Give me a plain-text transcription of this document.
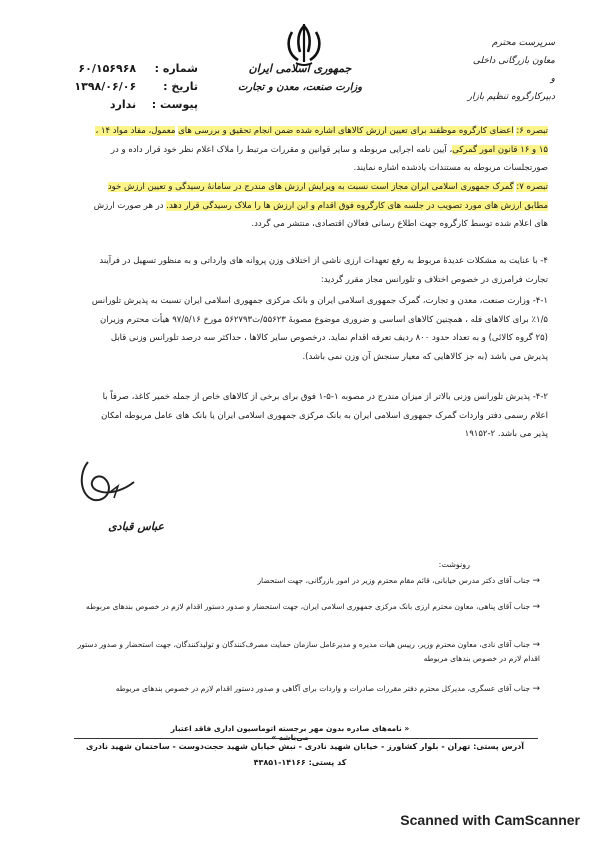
جمهوری اسلامی ایران
وزارت صنعت، معدن و تجارت
شماره : ۶۰/۱۵۶۹۶۸
تاریخ : ۱۳۹۸/۰۶/۰۶
پیوست : ندارد
سرپرست محترم
معاون بازرگانی داخلی
و
دبیرکارگروه تنظیم بازار
تبصره ۶: اعضای کارگروه موظفند برای تعیین ارزش کالاهای اشاره شده ضمن انجام تحقیق و بررسی های معمول، مفاد مواد ۱۴ ، ۱۵ و ۱۶ قانون امور گمرکی، آیین نامه اجرایی مربوطه و سایر قوانین و مقررات مرتبط را ملاک اعلام نظر خود قرار داده و در صورتجلسات مربوطه به مستندات یادشده اشاره نمایند.
تبصره ۷: گمرک جمهوری اسلامی ایران مجاز است نسبت به ویرایش ارزش های مندرج در سامانهٔ رسیدگی و تعیین ارزش خود مطابق ارزش های مورد تصویب در جلسه های کارگروه فوق اقدام و این ارزش ها را ملاک رسیدگی قرار دهد. در هر صورت ارزش های اعلام شده توسط کارگروه جهت اطلاع رسانی فعالان اقتصادی، منتشر می گردد.
۴- با عنایت به مشکلات عدیدهٔ مربوط به رفع تعهدات ارزی ناشی از اختلاف وزن پروانه های وارداتی و به منظور تسهیل در فرآیند تجارت فرامرزی در خصوص اختلاف و تلورانس مجاز مقرر گردید:
۴-۱- وزارت صنعت، معدن و تجارت، گمرک جمهوری اسلامی ایران و بانک مرکزی جمهوری اسلامی ایران نسبت به پذیرش تلورانس ۱/۵٪ برای کالاهای فله ، همچنین کالاهای اساسی و ضروری موضوع مصوبهٔ ۵۵۶۲۳/ت۵۶۲۷۹۳ مورخ ۹۷/۵/۱۶ هیأت محترم وزیران (۲۵ گروه کالائی) و به تعداد حدود ۸۰۰ ردیف تعرفه اقدام نماید. درخصوص سایر کالاها ، حداکثر سه درصد تلورانس وزنی قابل پذیرش می باشد (به جز کالاهایی که معیار سنجش آن وزن نمی باشد).
۴-۲- پذیرش تلورانس وزنی بالاتر از میزان مندرج در مصوبه ۱-۵-۱ فوق برای برخی از کالاهای خاص از جمله خمیر کاغذ، صرفاً با اعلام رسمی دفتر واردات گمرک جمهوری اسلامی ایران به بانک مرکزی جمهوری اسلامی ایران یا بانک های عامل مربوطه امکان پذیر می باشد. ۲-۱۹۱۵۲
عباس قبادی
رونوشت:
→ جناب آقای دکتر مدرس خیابانی، قائم مقام محترم وزیر در امور بازرگانی، جهت استحضار
→ جناب آقای پناهی، معاون محترم ارزی بانک مرکزی جمهوری اسلامی ایران، جهت استحضار و صدور دستور اقدام لازم در خصوص بندهای مربوطه
→ جناب آقای نادی، معاون محترم وزیر، رییس هیات مدیره و مدیرعامل سازمان حمایت مصرف‌کنندگان و تولیدکنندگان، جهت استحضار و صدور دستور اقدام لازم در خصوص بندهای مربوطه
→ جناب آقای عسگری، مدیرکل محترم دفتر مقررات صادرات و واردات برای آگاهی و صدور دستور اقدام لازم در خصوص بندهای مربوطه
« نامه‌های صادره بدون مهر برجسته اتوماسیون اداری فاقد اعتبار
آدرس پستی: تهران - بلوار کشاورز - خیابان شهید نادری - نبش خیابان شهید حجت‌دوست - ساختمان شهید نادری
کد پستی: ۱۴۱۶۶-۴۳۸۵۱
Scanned with CamScanner
